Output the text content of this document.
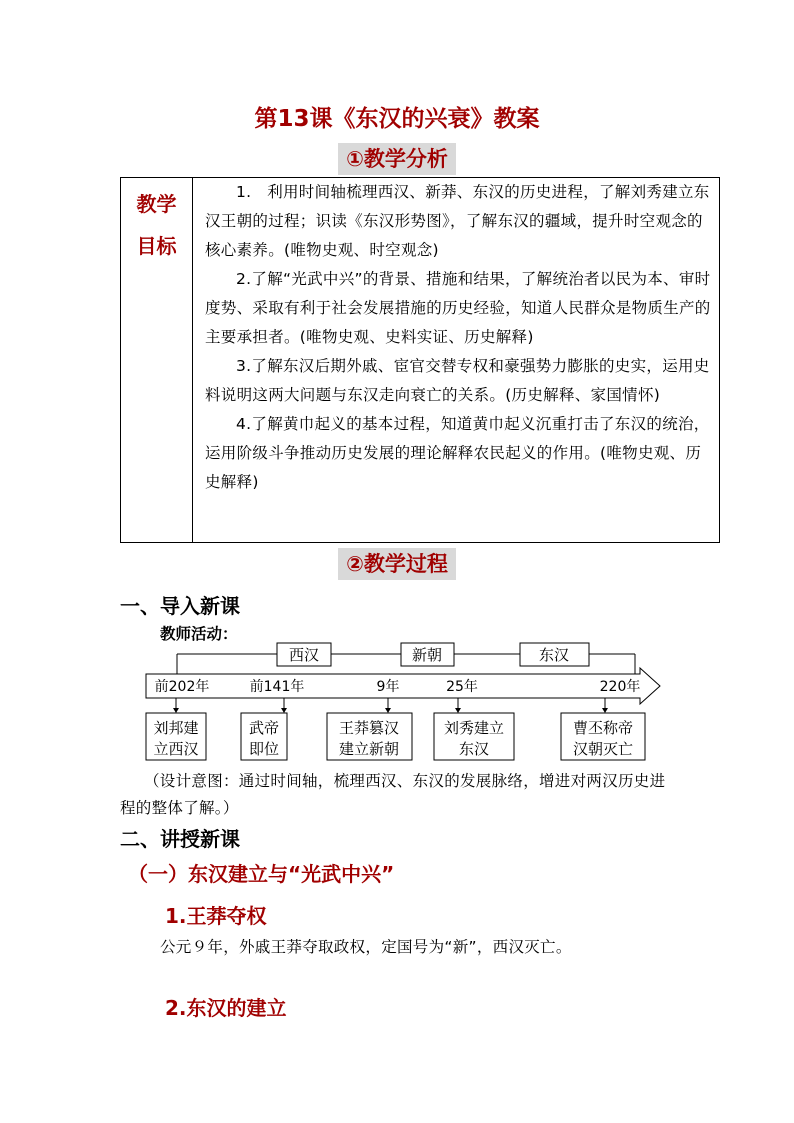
第13课《东汉的兴衰》教案
①教学分析
教学
目标

1.　利用时间轴梳理西汉、新莽、东汉的历史进程，了解刘秀建立东汉王朝的过程；识读《东汉形势图》，了解东汉的疆域，提升时空观念的核心素养。(唯物史观、时空观念)

2.了解“光武中兴”的背景、措施和结果，了解统治者以民为本、审时度势、采取有利于社会发展措施的历史经验，知道人民群众是物质生产的主要承担者。(唯物史观、史料实证、历史解释)

3.了解东汉后期外戚、宦官交替专权和豪强势力膨胀的史实，运用史料说明这两大问题与东汉走向衰亡的关系。(历史解释、家国情怀)

4.了解黄巾起义的基本过程，知道黄巾起义沉重打击了东汉的统治，运用阶级斗争推动历史发展的理论解释农民起义的作用。(唯物史观、历史解释)

②教学过程
一、导入新课
教师活动：
西汉	新朝	东汉
前202年	前141年	9年	25年	220年
刘邦建
立西汉
武帝
即位
王莽篡汉
建立新朝
刘秀建立
东汉
曹丕称帝
汉朝灭亡

（设计意图：通过时间轴，梳理西汉、东汉的发展脉络，增进对两汉历史进程的整体了解。）

二、讲授新课
（一）东汉建立与“光武中兴”
1.王莽夺权

公元９年，外戚王莽夺取政权，定国号为“新”，西汉灭亡。

2.东汉的建立
